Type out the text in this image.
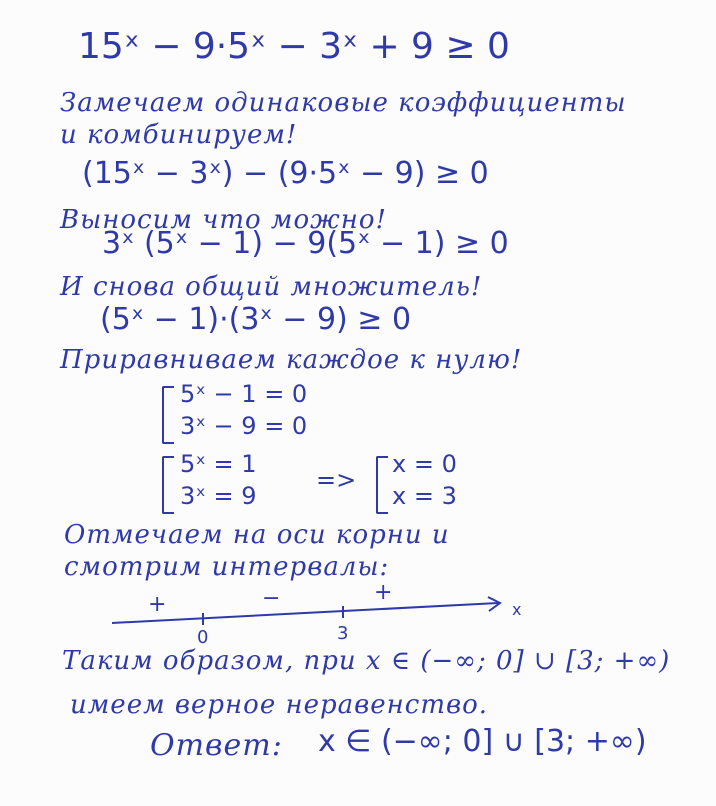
15ˣ − 9·5ˣ − 3ˣ + 9 ≥ 0
Замечаем одинаковые коэффициенты
и комбинируем!
(15ˣ − 3ˣ) − (9·5ˣ − 9) ≥ 0
Выносим что можно!
3ˣ (5ˣ − 1) − 9(5ˣ − 1) ≥ 0
И снова общий множитель!
(5ˣ − 1)·(3ˣ − 9) ≥ 0
Приравниваем каждое к нулю!
5ˣ − 1 = 0
3ˣ − 9 = 0
5ˣ = 1
3ˣ = 9
=>
x = 0
x = 3
Отмечаем на оси корни и
смотрим интервалы:
x
+	−	+
0	3
Таким образом, при x ∈ (−∞; 0] ∪ [3; +∞)
имеем верное неравенство.
Ответ: x ∈ (−∞; 0] ∪ [3; +∞)
